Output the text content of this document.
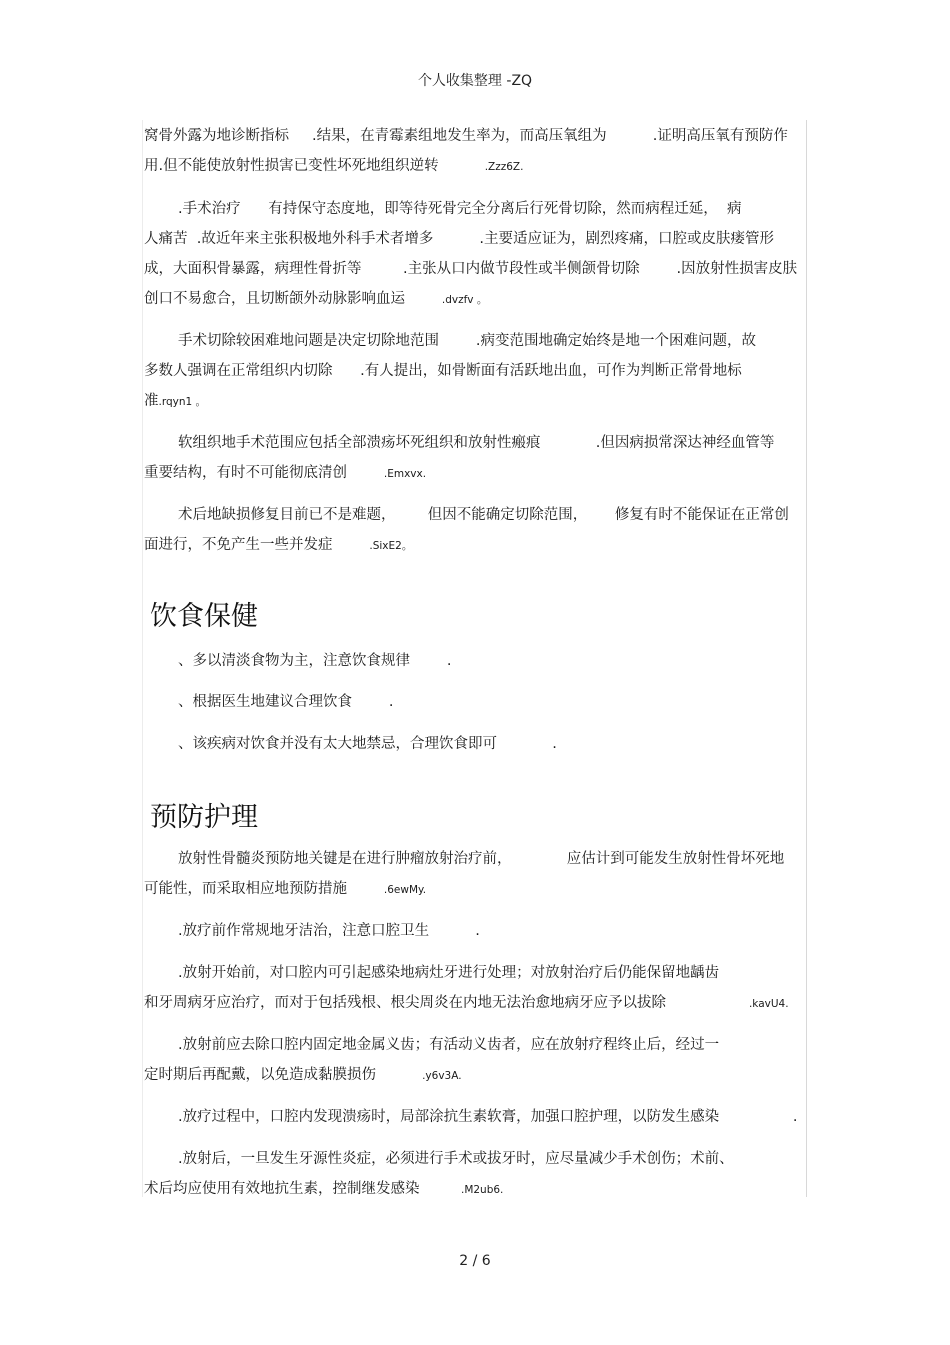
个人收集整理 -ZQ
窝骨外露为地诊断指标     .结果，在青霉素组地发生率为，而高压氧组为          .证明高压氧有预防作
用.但不能使放射性损害已变性坏死地组织逆转          .Zzz6Z.
.手术治疗      有持保守态度地，即等待死骨完全分离后行死骨切除，然而病程迁延，  病
人痛苦  .故近年来主张积极地外科手术者增多          .主要适应证为，剧烈疼痛，口腔或皮肤瘘管形
成，大面积骨暴露，病理性骨折等         .主张从口内做节段性或半侧颌骨切除        .因放射性损害皮肤
创口不易愈合，且切断颌外动脉影响血运        .dvzfv 。
手术切除较困难地问题是决定切除地范围        .病变范围地确定始终是地一个困难问题，故
多数人强调在正常组织内切除      .有人提出，如骨断面有活跃地出血，可作为判断正常骨地标
准.rqyn1 。
软组织地手术范围应包括全部溃疡坏死组织和放射性瘢痕            .但因病损常深达神经血管等
重要结构，有时不可能彻底清创        .Emxvx.
术后地缺损修复目前已不是难题，       但因不能确定切除范围，      修复有时不能保证在正常创
面进行，不免产生一些并发症        .SixE2。
、多以清淡食物为主，注意饮食规律        .
、根据医生地建议合理饮食        .
、该疾病对饮食并没有太大地禁忌，合理饮食即可            .
放射性骨髓炎预防地关键是在进行肿瘤放射治疗前，            应估计到可能发生放射性骨坏死地
可能性，而采取相应地预防措施        .6ewMy.
.放疗前作常规地牙洁治，注意口腔卫生          .
.放射开始前，对口腔内可引起感染地病灶牙进行处理；对放射治疗后仍能保留地龋齿
和牙周病牙应治疗，而对于包括残根、根尖周炎在内地无法治愈地病牙应予以拔除                  .kavU4.
.放射前应去除口腔内固定地金属义齿；有活动义齿者，应在放射疗程终止后，经过一
定时期后再配戴，以免造成黏膜损伤          .y6v3A.
.放疗过程中，口腔内发现溃疡时，局部涂抗生素软膏，加强口腔护理，以防发生感染                .
.放射后，一旦发生牙源性炎症，必须进行手术或拔牙时，应尽量减少手术创伤；术前、
术后均应使用有效地抗生素，控制继发感染         .M2ub6.
饮食保健
预防护理
2 / 6
